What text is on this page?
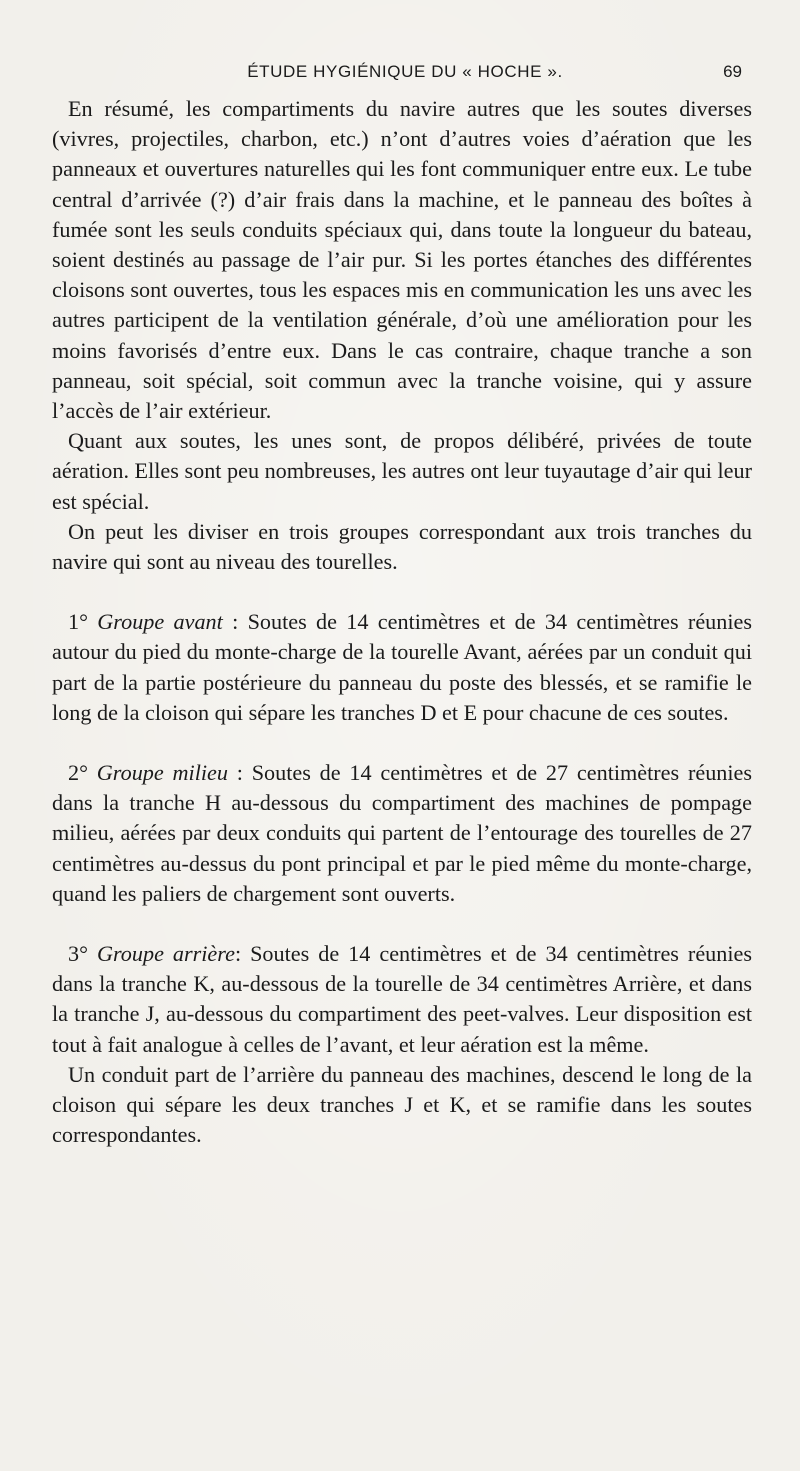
ÉTUDE HYGIÉNIQUE DU « HOCHE ».	69

En résumé, les compartiments du navire autres que les soutes diverses (vivres, projectiles, charbon, etc.) n’ont d’autres voies d’aération que les panneaux et ouvertures naturelles qui les font communiquer entre eux. Le tube central d’arrivée (?) d’air frais dans la machine, et le panneau des boîtes à fumée sont les seuls conduits spéciaux qui, dans toute la longueur du bateau, soient destinés au passage de l’air pur. Si les portes étanches des différentes cloisons sont ouvertes, tous les espaces mis en communication les uns avec les autres participent de la ventilation générale, d’où une amélioration pour les moins favorisés d’entre eux. Dans le cas contraire, chaque tranche a son panneau, soit spécial, soit commun avec la tranche voisine, qui y assure l’accès de l’air extérieur.

Quant aux soutes, les unes sont, de propos délibéré, privées de toute aération. Elles sont peu nombreuses, les autres ont leur tuyautage d’air qui leur est spécial.

On peut les diviser en trois groupes correspondant aux trois tranches du navire qui sont au niveau des tourelles.

1° Groupe avant : Soutes de 14 centimètres et de 34 centimètres réunies autour du pied du monte-charge de la tourelle Avant, aérées par un conduit qui part de la partie postérieure du panneau du poste des blessés, et se ramifie le long de la cloison qui sépare les tranches D et E pour chacune de ces soutes.

2° Groupe milieu : Soutes de 14 centimètres et de 27 centimètres réunies dans la tranche H au-dessous du compartiment des machines de pompage milieu, aérées par deux conduits qui partent de l’entourage des tourelles de 27 centimètres au-dessus du pont principal et par le pied même du monte-charge, quand les paliers de chargement sont ouverts.

3° Groupe arrière: Soutes de 14 centimètres et de 34 centimètres réunies dans la tranche K, au-dessous de la tourelle de 34 centimètres Arrière, et dans la tranche J, au-dessous du compartiment des peet-valves. Leur disposition est tout à fait analogue à celles de l’avant, et leur aération est la même.

Un conduit part de l’arrière du panneau des machines, descend le long de la cloison qui sépare les deux tranches J et K, et se ramifie dans les soutes correspondantes.
